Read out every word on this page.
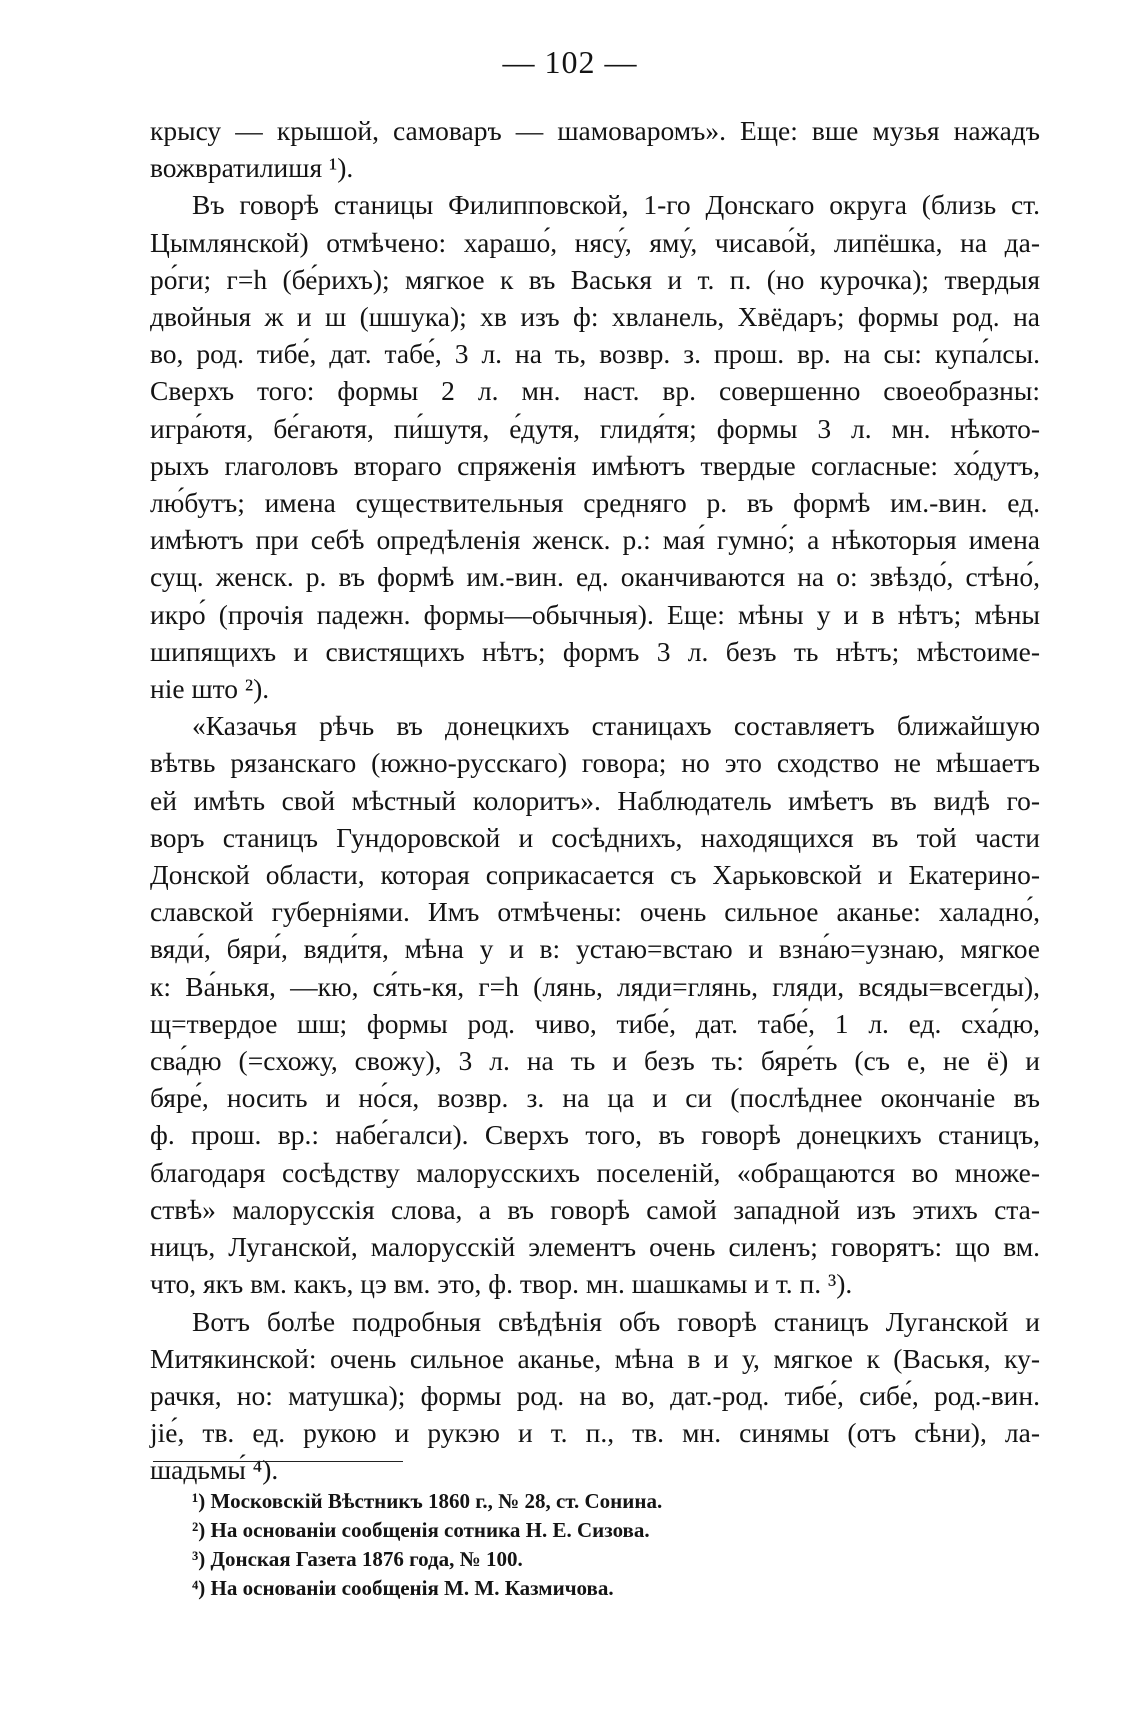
— 102 —
крысу — крышой, самоваръ — шамоваромъ». Еще: вше музья нажадъ
вожвратилишя ¹).
Въ говорѣ станицы Филипповской, 1-го Донскаго округа (близь ст.
Цымлянской) отмѣчено: харашо́, нясу́, яму́, чисаво́й, липёшка, на да-
ро́ги; г=h (бе́рихъ); мягкое к въ Васькя и т. п. (но курочка); твердыя
двойныя ж и ш (шшука); хв изъ ф: хвланель, Хвёдаръ; формы род. на
во, род. тибе́, дат. табе́, 3 л. на ть, возвр. з. прош. вр. на сы: купа́лсы.
Сверхъ того: формы 2 л. мн. наст. вр. совершенно своеобразны:
игра́ютя, бе́гаютя, пи́шутя, е́дутя, глидя́тя; формы 3 л. мн. нѣкото-
рыхъ глаголовъ втораго спряженія имѣютъ твердые согласные: хо́дутъ,
лю́бутъ; имена существительныя средняго р. въ формѣ им.-вин. ед.
имѣютъ при себѣ опредѣленія женск. р.: мая́ гумно́; а нѣкоторыя имена
сущ. женск. р. въ формѣ им.-вин. ед. оканчиваются на о: звѣздо́, стѣно́,
икро́ (прочія падежн. формы—обычныя). Еще: мѣны у и в нѣтъ; мѣны
шипящихъ и свистящихъ нѣтъ; формъ 3 л. безъ ть нѣтъ; мѣстоиме-
ніе што ²).
«Казачья рѣчь въ донецкихъ станицахъ составляетъ ближайшую
вѣтвь рязанскаго (южно-русскаго) говора; но это сходство не мѣшаетъ
ей имѣть свой мѣстный колоритъ». Наблюдатель имѣетъ въ видѣ го-
воръ станицъ Гундоровской и сосѣднихъ, находящихся въ той части
Донской области, которая соприкасается съ Харьковской и Екатерино-
славской губерніями. Имъ отмѣчены: очень сильное аканье: халадно́,
вяди́, бяри́, вяди́тя, мѣна у и в: устаю=встаю и взна́ю=узнаю, мягкое
к: Ва́нькя, —кю, ся́ть-кя, г=h (лянь, ляди=глянь, гляди, всяды=всегды),
щ=твердое шш; формы род. чиво, тибе́, дат. табе́, 1 л. ед. сха́дю,
сва́дю (=схожу, свожу), 3 л. на ть и безъ ть: бяре́ть (съ е, не ё) и
бяре́, носить и но́ся, возвр. з. на ца и си (послѣднее окончаніе въ
ф. прош. вр.: набе́галси). Сверхъ того, въ говорѣ донецкихъ станицъ,
благодаря сосѣдству малорусскихъ поселеній, «обращаются во множе-
ствѣ» малорусскія слова, а въ говорѣ самой западной изъ этихъ ста-
ницъ, Луганской, малорусскій элементъ очень силенъ; говорятъ: що вм.
что, якъ вм. какъ, цэ вм. это, ф. твор. мн. шашкамы и т. п. ³).
Вотъ болѣе подробныя свѣдѣнія объ говорѣ станицъ Луганской и
Митякинской: очень сильное аканье, мѣна в и у, мягкое к (Васькя, ку-
рачкя, но: матушка); формы род. на во, дат.-род. тибе́, сибе́, род.-вин.
jiе́, тв. ед. рукою и рукэю и т. п., тв. мн. синямы (отъ сѣни), ла-
шадьмы́ ⁴).
¹) Московскій Вѣстникъ 1860 г., № 28, ст. Сонина.
²) На основаніи сообщенія сотника Н. Е. Сизова.
³) Донская Газета 1876 года, № 100.
⁴) На основаніи сообщенія М. М. Казмичова.
